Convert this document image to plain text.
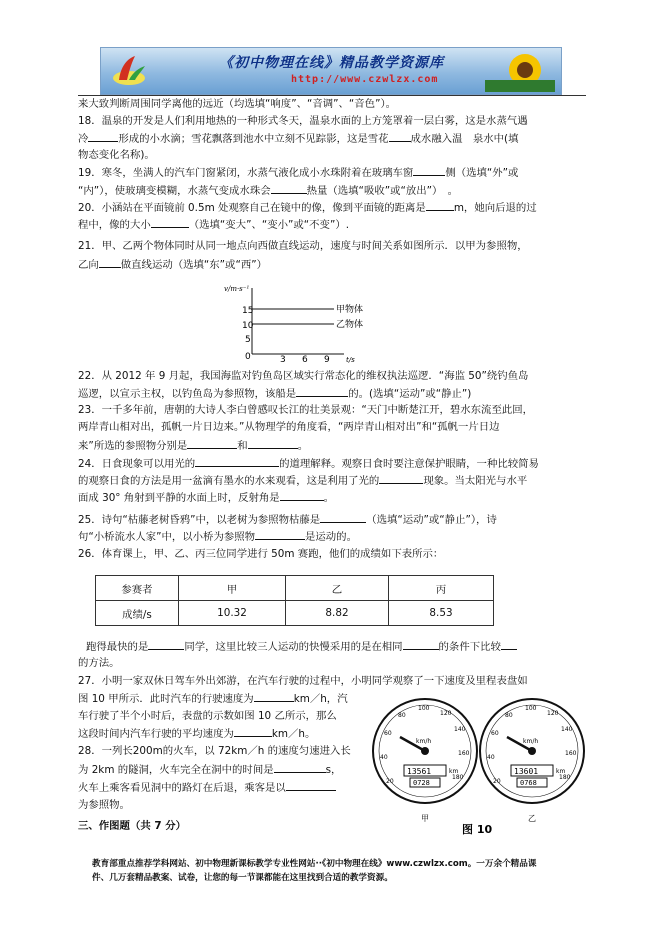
《初中物理在线》精品教学资源库
http://www.czwlzx.com
来大致判断周围同学离他的远近（均选填“响度”、“音调”、“音色”）。
18．温泉的开发是人们利用地热的一种形式冬天，温泉水面的上方笼罩着一层白雾，这是水蒸气遇
冷	形成的小水滴；雪花飘落到池水中立刻不见踪影，这是雪花 成水融入温　泉水中(填
物态变化名称)。
19．寒冬，坐满人的汽车门窗紧闭，水蒸气液化成小水珠附着在玻璃车窗	侧（选填“外”或
“内”），使玻璃变模糊，水蒸气变成水珠会	热量（选填“吸收”或“放出”）　。
20．小涵站在平面镜前 0.5m 处观察自己在镜中的像，像到平面镜的距离是	m，她向后退的过
程中，像的大小	（选填“变大”、“变小”或“不变”）.
21．甲、乙两个物体同时从同一地点向西做直线运动，速度与时间关系如图所示．以甲为参照物，
乙向 做直线运动（选填“东”或“西”）
v/m·s⁻¹
15
10
5
0	3 6 9 t/s
甲物体
乙物体
22．从 2012 年 9 月起，我国海监对钓鱼岛区域实行常态化的维权执法巡逻．“海监 50”绕钓鱼岛
巡逻，以宣示主权，以钓鱼岛为参照物，该船是	的。(选填“运动”或“静止”)
23．一千多年前，唐朝的大诗人李白曾感叹长江的壮美景观：“天门中断楚江开，碧水东流至此回，
两岸青山相对出，孤帆一片日边来。”从物理学的角度看，“两岸青山相对出”和“孤帆一片日边
来”所选的参照物分别是	和	。
24．日食现象可以用光的	的道理解释。观察日食时要注意保护眼睛，一种比较简易
的观察日食的方法是用一盆滴有墨水的水来观看，这是利用了光的	现象。当太阳光与水平
面成 30° 角射到平静的水面上时，反射角是	。
25．诗句“枯藤老树昏鸦”中，以老树为参照物枯藤是	（选填“运动”或“静止”），诗
句“小桥流水人家”中，以小桥为参照物	是运动的。
26．体育课上，甲、乙、丙三位同学进行 50m 赛跑，他们的成绩如下表所示：
参赛者	甲	乙	丙
成绩/s	10.32	8.82	8.53
跑得最快的是	同学，这里比较三人运动的快慢采用的是在相同	的条件下比较
的方法。
27．小明一家双休日驾车外出郊游，在汽车行驶的过程中，小明同学观察了一下速度及里程表盘如
图 10 甲所示．此时汽车的行驶速度为	km／h，汽
车行驶了半个小时后，表盘的示数如图 10 乙所示，那么
这段时间内汽车行驶的平均速度为	km／h。
28．一列长200m的火车，以 72km／h 的速度匀速进入长
为 2km 的隧洞，火车完全在洞中的时间是	s，
火车上乘客看见洞中的路灯在后退，乘客是以
为参照物。
三、作图题（共 7 分）
20
40
60
80
100
120
140
160
180
km/h
13561	km
0728
甲
20
40
60
80
100
120
140
160
180
km/h
13601	km
0768
乙
图 10
教育部重点推荐学科网站、初中物理新课标教学专业性网站··《初中物理在线》www.czwlzx.com。一万余个精品课
件、几万套精品教案、试卷，让您的每一节课都能在这里找到合适的教学资源。
